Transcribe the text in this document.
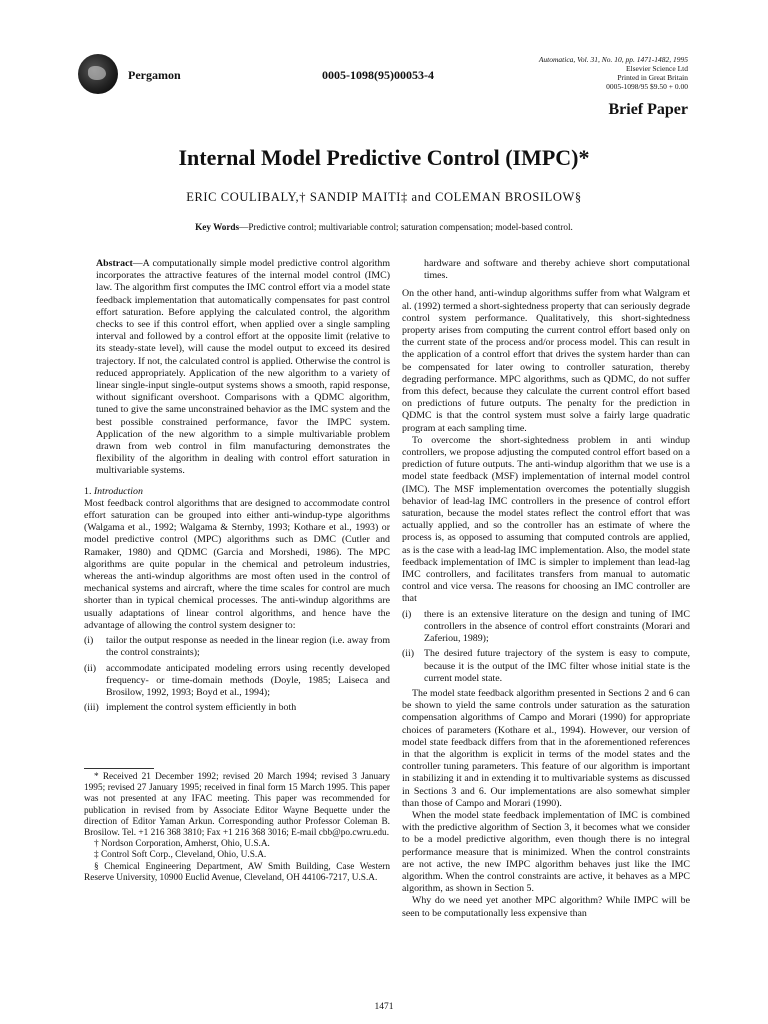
Pergamon	0005-1098(95)00053-4
Automatica, Vol. 31, No. 10, pp. 1471-1482, 1995
Elsevier Science Ltd
Printed in Great Britain
0005-1098/95 $9.50 + 0.00
Brief Paper
Internal Model Predictive Control (IMPC)*
ERIC COULIBALY,† SANDIP MAITI‡ and COLEMAN BROSILOW§
Key Words—Predictive control; multivariable control; saturation compensation; model-based control.

Abstract—A computationally simple model predictive control algorithm incorporates the attractive features of the internal model control (IMC) law. The algorithm first computes the IMC control effort via a model state feedback implementation that automatically compensates for past control effort saturation. Before applying the calculated control, the algorithm checks to see if this control effort, when applied over a single sampling interval and followed by a control effort at the opposite limit (relative to its steady-state level), will cause the model output to exceed its desired trajectory. If not, the calculated control is applied. Otherwise the control is reduced appropriately. Application of the new algorithm to a variety of linear single-input single-output systems shows a smooth, rapid response, without significant overshoot. Comparisons with a QDMC algorithm, tuned to give the same unconstrained behavior as the IMC system and the best possible constrained performance, favor the IMPC system. Application of the new algorithm to a simple multivariable problem drawn from web control in film manufacturing demonstrates the flexibility of the algorithm in dealing with control effort saturation in multivariable systems.

1. Introduction

Most feedback control algorithms that are designed to accommodate control effort saturation can be grouped into either anti-windup-type algorithms (Walgama et al., 1992; Walgama & Sternby, 1993; Kothare et al., 1993) or model predictive control (MPC) algorithms such as DMC (Cutler and Ramaker, 1980) and QDMC (Garcia and Morshedi, 1986). The MPC algorithms are quite popular in the chemical and petroleum industries, whereas the anti-windup algorithms are most often used in the control of mechanical systems and aircraft, where the time scales for control are much shorter than in typical chemical processes. The anti-windup algorithms are usually adaptations of linear control algorithms, and hence have the advantage of allowing the control system designer to:

(i)	tailor the output response as needed in the linear region (i.e. away from the control constraints);

(ii)	accommodate anticipated modeling errors using recently developed frequency- or time-domain methods (Doyle, 1985; Laiseca and Brosilow, 1992, 1993; Boyd et al., 1994);

(iii) implement the control system efficiently in both

* Received 21 December 1992; revised 20 March 1994; revised 3 January 1995; revised 27 January 1995; received in final form 15 March 1995. This paper was not presented at any IFAC meeting. This paper was recommended for publication in revised from by Associate Editor Wayne Bequette under the direction of Editor Yaman Arkun. Corresponding author Professor Coleman B. Brosilow. Tel. +1 216 368 3810; Fax +1 216 368 3016; E-mail cbb@po.cwru.edu.

† Nordson Corporation, Amherst, Ohio, U.S.A.

‡ Control Soft Corp., Cleveland, Ohio, U.S.A.

§ Chemical Engineering Department, AW Smith Building, Case Western Reserve University, 10900 Euclid Avenue, Cleveland, OH 44106-7217, U.S.A.

hardware and software and thereby achieve short computational times.

On the other hand, anti-windup algorithms suffer from what Walgram et al. (1992) termed a short-sightedness property that can seriously degrade control system performance. Qualitatively, this short-sightedness property arises from computing the current control effort based only on the current state of the process and/or process model. This can result in the application of a control effort that drives the system harder than can be compensated for later owing to controller saturation, thereby degrading performance. MPC algorithms, such as QDMC, do not suffer from this defect, because they calculate the current control effort based on predictions of future outputs. The penalty for the prediction in QDMC is that the control system must solve a fairly large quadratic program at each sampling time.

To overcome the short-sightedness problem in anti windup controllers, we propose adjusting the computed control effort based on a prediction of future outputs. The anti-windup algorithm that we use is a model state feedback (MSF) implementation of internal model control (IMC). The MSF implementation overcomes the potentially sluggish behavior of lead-lag IMC controllers in the presence of control effort saturation, because the model states reflect the control effort that was actually applied, and so the controller has an estimate of where the process is, as opposed to assuming that computed controls are applied, as is the case with a lead-lag IMC implementation. Also, the model state feedback implementation of IMC is simpler to implement than lead-lag IMC controllers, and facilitates transfers from manual to automatic control and vice versa. The reasons for choosing an IMC controller are that

(i)	there is an extensive literature on the design and tuning of IMC controllers in the absence of control effort constraints (Morari and Zaferiou, 1989);

(ii)	The desired future trajectory of the system is easy to compute, because it is the output of the IMC filter whose initial state is the current model state.

The model state feedback algorithm presented in Sections 2 and 6 can be shown to yield the same controls under saturation as the saturation compensation algorithms of Campo and Morari (1990) for appropriate choices of parameters (Kothare et al., 1994). However, our version of model state feedback differs from that in the aforementioned references in that the algorithm is explicit in terms of the model states and the controller tuning parameters. This feature of our algorithm is important in stabilizing it and in extending it to multivariable systems as discussed in Sections 3 and 6. Our implementations are also somewhat simpler than those of Campo and Morari (1990).

When the model state feedback implementation of IMC is combined with the predictive algorithm of Section 3, it becomes what we consider to be a model predictive algorithm, even though there is no integral performance measure that is minimized. When the control constraints are not active, the new IMPC algorithm behaves just like the IMC algorithm. When the control constraints are active, it behaves as a MPC algorithm, as shown in Section 5.

Why do we need yet another MPC algorithm? While IMPC will be seen to be computationally less expensive than

1471
